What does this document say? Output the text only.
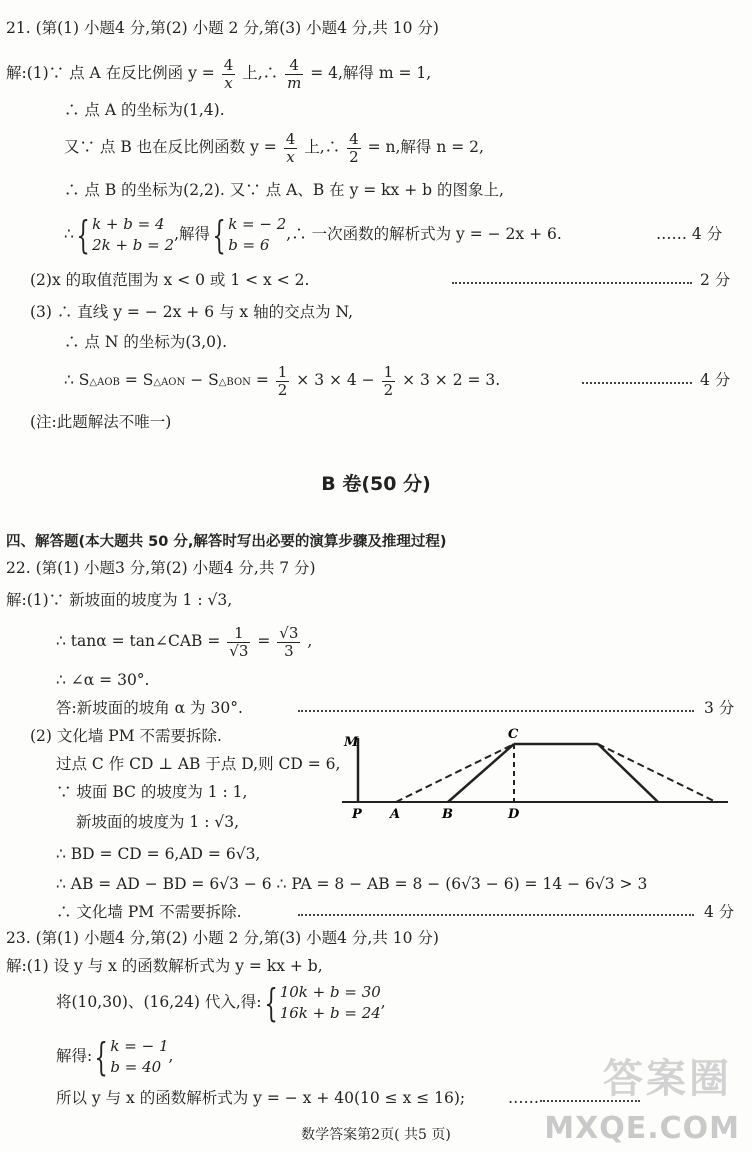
21. (第(1) 小题4 分,第(2) 小题 2 分,第(3) 小题4 分,共 10 分)
解:(1)∵ 点 A 在反比例函 $y = \frac{4}{x}$ 上,∴ $\frac{4}{m} = 4$,解得 m = 1,
∴ 点 A 的坐标为(1,4).
又∵ 点 B 也在反比例函数 $y = \frac{4}{x}$ 上,∴ $\frac{4}{2} = n$,解得 n = 2,
∴ 点 B 的坐标为(2,2). 又∵ 点 A、B 在 y = kx + b 的图象上,
∴{ k + b = 4
2k + b = 2
,解得{ k = − 2
b = 6
,∴ 一次函数的解析式为 y = − 2x + 6.	…… 4 分
(2)x 的取值范围为 x < 0 或 1 < x < 2.	2 分
(3) ∴ 直线 y = − 2x + 6 与 x 轴的交点为 N,
∴ 点 N 的坐标为(3,0).
∴ S△AOB = S△AON − S△BON = $\frac{1}{2} \times 3 \times 4 - \frac{1}{2} \times 3 \times 2 = 3$.	4 分
(注:此题解法不唯一)
B 卷(50 分)
四、解答题(本大题共 50 分,解答时写出必要的演算步骤及推理过程)
22. (第(1) 小题3 分,第(2) 小题4 分,共 7 分)
解:(1)∵ 新坡面的坡度为 1 : √3,
∴ tanα = tan∠CAB = $\frac{1}{√3} = \frac{√3}{3}$ ,
∴ ∠α = 30°.
答:新坡面的坡角 α 为 30°.	3 分
(2) 文化墙 PM 不需要拆除.
过点 C 作 CD ⊥ AB 于点 D,则 CD = 6,
∵ 坡面 BC 的坡度为 1 : 1,
新坡面的坡度为 1 : √3,
∴ BD = CD = 6,AD = 6√3,
∴ AB = AD − BD = 6√3 − 6 ∴ PA = 8 − AB = 8 − (6√3 − 6) = 14 − 6√3 > 3
∴ 文化墙 PM 不需要拆除.	4 分
M
C
P A	B	D
23. (第(1) 小题4 分,第(2) 小题 2 分,第(3) 小题4 分,共 10 分)
解:(1) 设 y 与 x 的函数解析式为 y = kx + b,
将(10,30)、(16,24) 代入,得:{ 10k + b = 30
16k + b = 24
,
解得:{ k = − 1
b = 40
,
所以 y 与 x 的函数解析式为 y = − x + 40(10 ≤ x ≤ 16);	……
数学答案第2页( 共5 页)
答案圈
MXQE.COM
